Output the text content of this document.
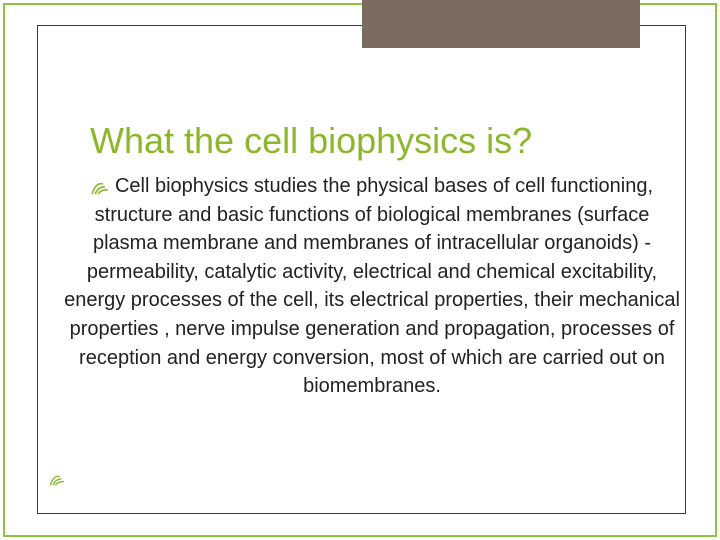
What the cell biophysics is?

Cell biophysics studies the physical bases of cell functioning, structure and basic functions of biological membranes (surface plasma membrane and membranes of intracellular organoids) - permeability, catalytic activity, electrical and chemical excitability, energy processes of the cell, its electrical properties, their mechanical properties , nerve impulse generation and propagation, processes of reception and energy conversion, most of which are carried out on biomembranes.
